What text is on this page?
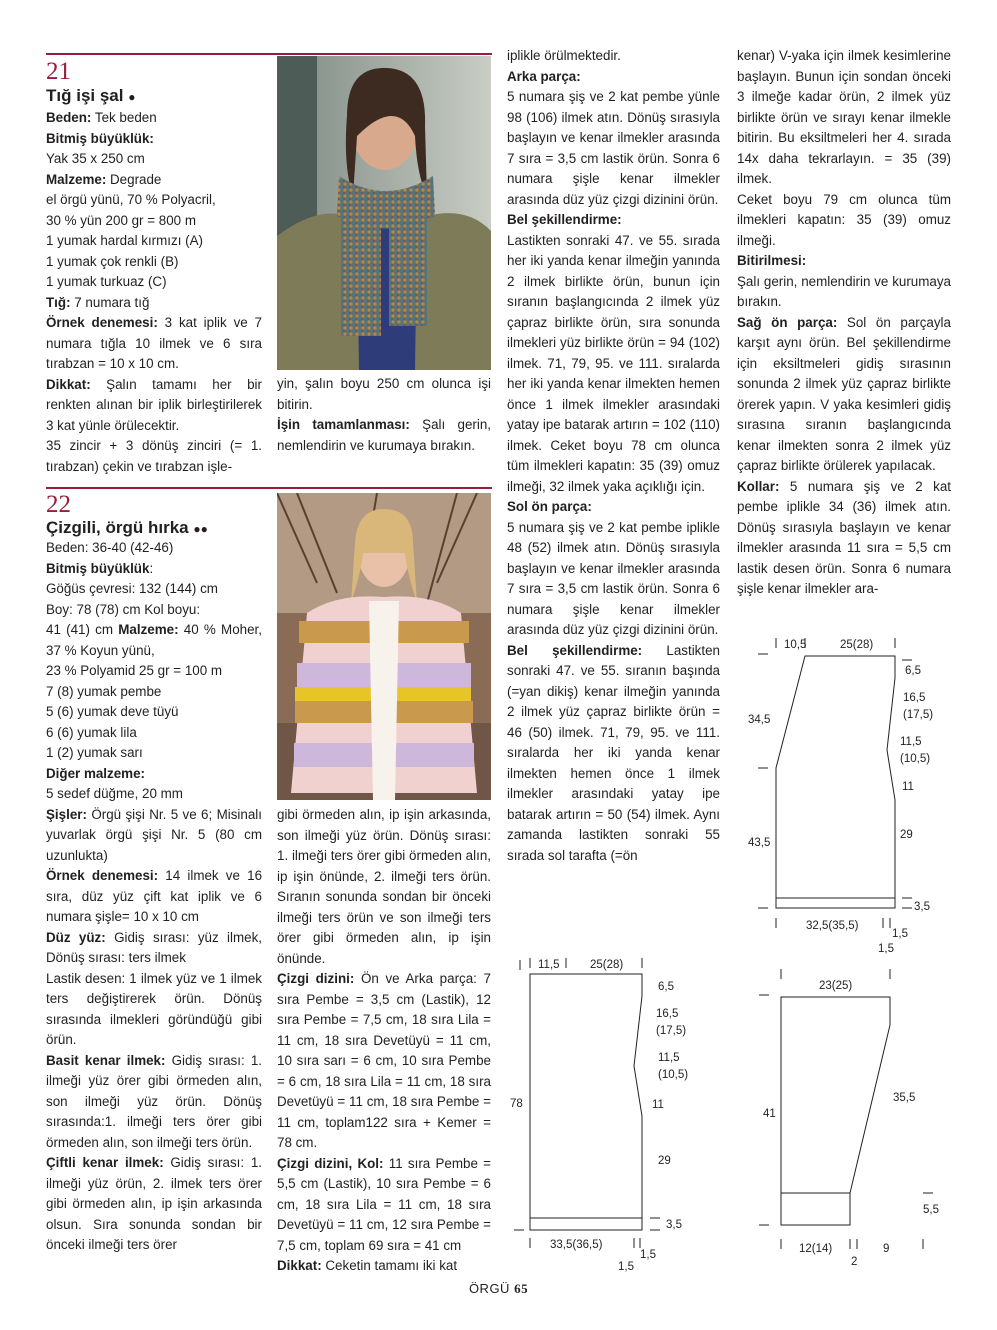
21
Tığ işi şal ●

Beden: Tek beden

Bitmiş büyüklük:

Yak 35 x 250 cm

Malzeme: Degrade

el örgü yünü, 70 % Polyacril,

30 % yün 200 gr = 800 m

1 yumak hardal kırmızı (A)

1 yumak çok renkli (B)

1 yumak turkuaz (C)

Tığ: 7 numara tığ

Örnek denemesi: 3 kat iplik ve 7 numara tığla 10 ilmek ve 6 sıra tırabzan = 10 x 10 cm.

Dikkat: Şalın tamamı her bir renkten alınan bir iplik birleştirilerek 3 kat yünle örülecektir.

35 zincir + 3 dönüş zinciri (= 1. tırabzan) çekin ve tırabzan işle-

yin, şalın boyu 250 cm olunca işi bitirin.

İşin tamamlanması: Şalı gerin, nemlendirin ve kurumaya bırakın.

22
Çizgili, örgü hırka ●●

Beden: 36-40 (42-46)

Bitmiş büyüklük:

Göğüs çevresi: 132 (144) cm

Boy: 78 (78) cm Kol boyu:

41 (41) cm Malzeme: 40 % Moher, 37 % Koyun yünü,

23 % Polyamid 25 gr = 100 m

7 (8) yumak pembe

5 (6) yumak deve tüyü

6 (6) yumak lila

1 (2) yumak sarı

Diğer malzeme:

5 sedef düğme, 20 mm

Şişler: Örgü şişi Nr. 5 ve 6; Misinalı yuvarlak örgü şişi Nr. 5 (80 cm uzunlukta)

Örnek denemesi: 14 ilmek ve 16 sıra, düz yüz çift kat iplik ve 6 numara şişle= 10 x 10 cm

Düz yüz: Gidiş sırası: yüz ilmek, Dönüş sırası: ters ilmek

Lastik desen: 1 ilmek yüz ve 1 ilmek ters değiştirerek örün. Dönüş sırasında ilmekleri göründüğü gibi örün.

Basit kenar ilmek: Gidiş sırası: 1. ilmeği yüz örer gibi örmeden alın, son ilmeği yüz örün. Dönüş sırasında:1. ilmeği ters örer gibi örmeden alın, son ilmeği ters örün.

Çiftli kenar ilmek: Gidiş sırası: 1. ilmeği yüz örün, 2. ilmek ters örer gibi örmeden alın, ip işin arkasında olsun. Sıra sonunda sondan bir önceki ilmeği ters örer

gibi örmeden alın, ip işin arkasında, son ilmeği yüz örün. Dönüş sırası: 1. ilmeği ters örer gibi örmeden alın, ip işin önünde, 2. ilmeği ters örün. Sıranın sonunda sondan bir önceki ilmeği ters örün ve son ilmeği ters örer gibi örmeden alın, ip işin önünde.

Çizgi dizini: Ön ve Arka parça: 7 sıra Pembe = 3,5 cm (Lastik), 12 sıra Pembe = 7,5 cm, 18 sıra Lila = 11 cm, 18 sıra Devetüyü = 11 cm, 10 sıra sarı = 6 cm, 10 sıra Pembe = 6 cm, 18 sıra Lila = 11 cm, 18 sıra Devetüyü = 11 cm, 18 sıra Pembe = 11 cm, toplam122 sıra + Kemer = 78 cm.

Çizgi dizini, Kol: 11 sıra Pembe = 5,5 cm (Lastik), 10 sıra Pembe = 6 cm, 18 sıra Lila = 11 cm, 18 sıra Devetüyü = 11 cm, 12 sıra Pembe = 7,5 cm, toplam 69 sıra = 41 cm

Dikkat: Ceketin tamamı iki kat

iplikle örülmektedir.

Arka parça:

5 numara şiş ve 2 kat pembe yünle 98 (106) ilmek atın. Dönüş sırasıyla başlayın ve kenar ilmekler arasında 7 sıra = 3,5 cm lastik örün. Sonra 6 numara şişle kenar ilmekler arasında düz yüz çizgi dizinini örün.

Bel şekillendirme:

Lastikten sonraki 47. ve 55. sırada her iki yanda kenar ilmeğin yanında 2 ilmek birlikte örün, bunun için sıranın başlangıcında 2 ilmek yüz çapraz birlikte örün, sıra sonunda ilmekleri yüz birlikte örün = 94 (102) ilmek. 71, 79, 95. ve 111. sıralarda her iki yanda kenar ilmekten hemen önce 1 ilmek ilmekler arasındaki yatay ipe batarak artırın = 102 (110) ilmek. Ceket boyu 78 cm olunca tüm ilmekleri kapatın: 35 (39) omuz ilmeği, 32 ilmek yaka açıklığı için.

Sol ön parça:

5 numara şiş ve 2 kat pembe iplikle 48 (52) ilmek atın. Dönüş sırasıyla başlayın ve kenar ilmekler arasında 7 sıra = 3,5 cm lastik örün. Sonra 6 numara şişle kenar ilmekler arasında düz yüz çizgi dizinini örün.

Bel şekillendirme: Lastikten sonraki 47. ve 55. sıranın başında (=yan dikiş) kenar ilmeğin yanında 2 ilmek yüz çapraz birlikte örün = 46 (50) ilmek. 71, 79, 95. ve 111. sıralarda her iki yanda kenar ilmekten hemen önce 1 ilmek ilmekler arasındaki yatay ipe batarak artırın = 50 (54) ilmek. Aynı zamanda lastikten sonraki 55 sırada sol tarafta (=ön

kenar) V-yaka için ilmek kesimlerine başlayın. Bunun için sondan önceki 3 ilmeğe kadar örün, 2 ilmek yüz birlikte örün ve sırayı kenar ilmekle bitirin. Bu eksiltmeleri her 4. sırada 14x daha tekrarlayın. = 35 (39) ilmek.

Ceket boyu 79 cm olunca tüm ilmekleri kapatın: 35 (39) omuz ilmeği.

Bitirilmesi:

Şalı gerin, nemlendirin ve kurumaya bırakın.

Sağ ön parça: Sol ön parçayla karşıt aynı örün. Bel şekillendirme için eksiltmeleri gidiş sırasının sonunda 2 ilmek yüz çapraz birlikte örerek yapın. V yaka kesimleri gidiş sırasına sıranın başlangıcında kenar ilmekten sonra 2 ilmek yüz çapraz birlikte örülerek yapılacak.

Kollar: 5 numara şiş ve 2 kat pembe iplikle 34 (36) ilmek atın. Dönüş sırasıyla başlayın ve kenar ilmekler arasında 11 sıra = 5,5 cm lastik desen örün. Sonra 6 numara şişle kenar ilmekler ara-

10,5	25(28)
6,5
16,5
(17,5)
11,5
(10,5)
11
29
3,5
34,5
43,5
32,5(35,5)
1,5
1,5
11,5	25(28)
6,5
16,5
(17,5)
11,5
(10,5)
11
29
3,5
78
33,5(36,5)
1,5
1,5
23(25)
35,5
5,5
41
12(14)	9
2
ÖRGÜ 65
